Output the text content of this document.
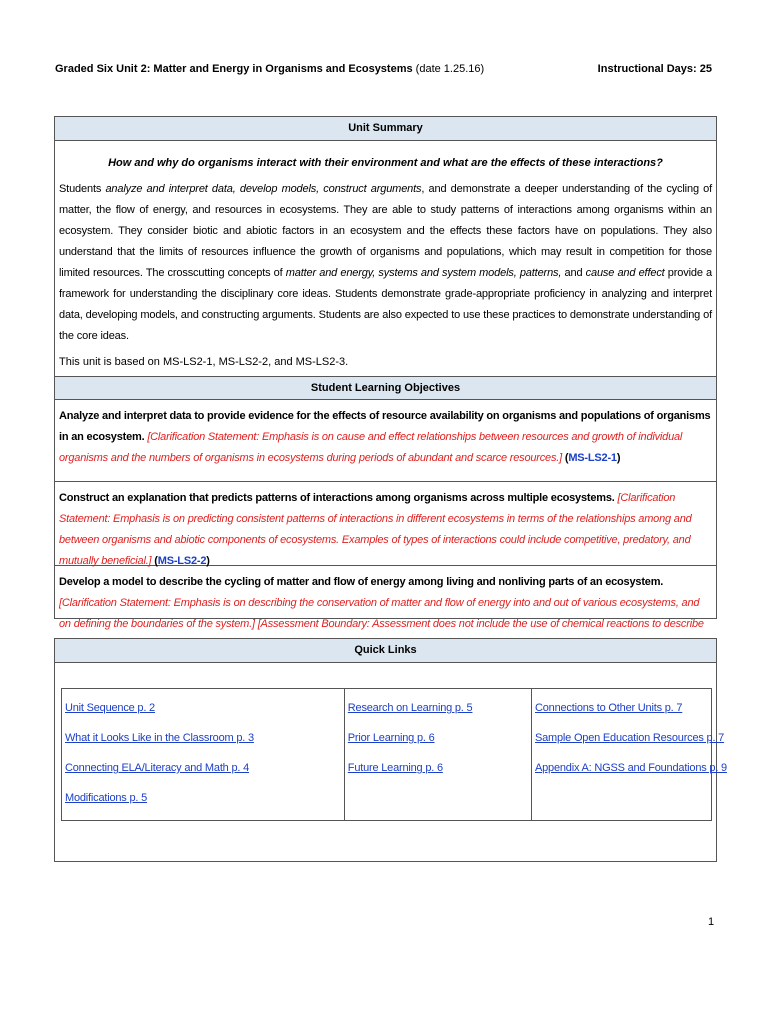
Graded Six Unit 2: Matter and Energy in Organisms and Ecosystems (date 1.25.16)	Instructional Days: 25
Unit Summary
How and why do organisms interact with their environment and what are the effects of these interactions?
Students analyze and interpret data, develop models, construct arguments, and demonstrate a deeper understanding of the cycling of matter, the flow of energy, and resources in ecosystems. They are able to study patterns of interactions among organisms within an ecosystem. They consider biotic and abiotic factors in an ecosystem and the effects these factors have on populations. They also understand that the limits of resources influence the growth of organisms and populations, which may result in competition for those limited resources. The crosscutting concepts of matter and energy, systems and system models, patterns, and cause and effect provide a framework for understanding the disciplinary core ideas. Students demonstrate grade-appropriate proficiency in analyzing and interpret data, developing models, and constructing arguments. Students are also expected to use these practices to demonstrate understanding of the core ideas.
This unit is based on MS-LS2-1, MS-LS2-2, and MS-LS2-3.
Student Learning Objectives
Analyze and interpret data to provide evidence for the effects of resource availability on organisms and populations of organisms in an ecosystem. [Clarification Statement: Emphasis is on cause and effect relationships between resources and growth of individual organisms and the numbers of organisms in ecosystems during periods of abundant and scarce resources.] (MS-LS2-1)
Construct an explanation that predicts patterns of interactions among organisms across multiple ecosystems. [Clarification Statement: Emphasis is on predicting consistent patterns of interactions in different ecosystems in terms of the relationships among and between organisms and abiotic components of ecosystems. Examples of types of interactions could include competitive, predatory, and mutually beneficial.] (MS-LS2-2)
Develop a model to describe the cycling of matter and flow of energy among living and nonliving parts of an ecosystem. [Clarification Statement: Emphasis is on describing the conservation of matter and flow of energy into and out of various ecosystems, and on defining the boundaries of the system.] [Assessment Boundary: Assessment does not include the use of chemical reactions to describe
Quick Links
Unit Sequence p. 2
What it Looks Like in the Classroom p. 3
Connecting ELA/Literacy and Math p. 4
Modifications p. 5
Research on Learning p. 5
Prior Learning p. 6
Future Learning p. 6
Connections to Other Units p. 7
Sample Open Education Resources p. 7
Appendix A: NGSS and Foundations p. 9
1
